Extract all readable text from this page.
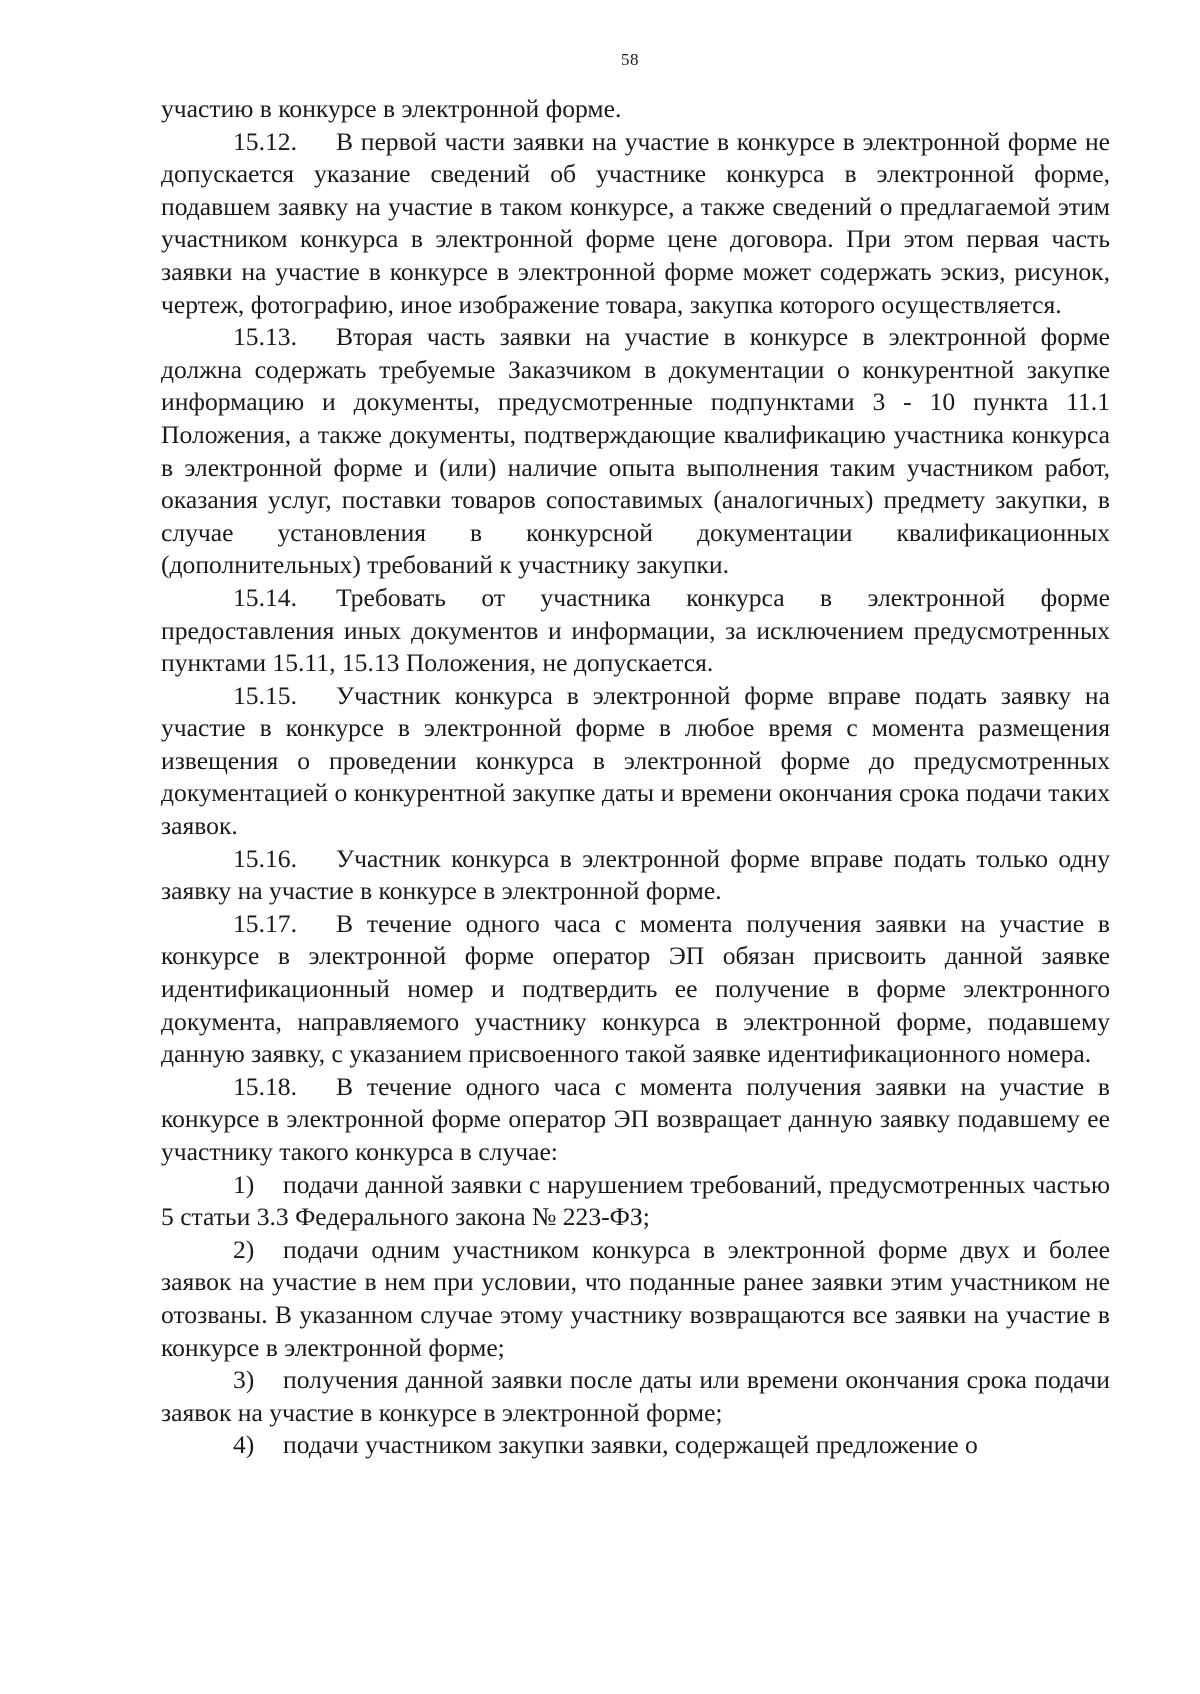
58

участию в конкурсе в электронной форме.

15.12. В первой части заявки на участие в конкурсе в электронной форме не допускается указание сведений об участнике конкурса в электронной форме, подавшем заявку на участие в таком конкурсе, а также сведений о предлагаемой этим участником конкурса в электронной форме цене договора. При этом первая часть заявки на участие в конкурсе в электронной форме может содержать эскиз, рисунок, чертеж, фотографию, иное изображение товара, закупка которого осуществляется.

15.13. Вторая часть заявки на участие в конкурсе в электронной форме должна содержать требуемые Заказчиком в документации о конкурентной закупке информацию и документы, предусмотренные подпунктами 3 - 10 пункта 11.1 Положения, а также документы, подтверждающие квалификацию участника конкурса в электронной форме и (или) наличие опыта выполнения таким участником работ, оказания услуг, поставки товаров сопоставимых (аналогичных) предмету закупки, в случае установления в конкурсной документации квалификационных (дополнительных) требований к участнику закупки.

15.14. Требовать от участника конкурса в электронной форме предоставления иных документов и информации, за исключением предусмотренных пунктами 15.11, 15.13 Положения, не допускается.

15.15. Участник конкурса в электронной форме вправе подать заявку на участие в конкурсе в электронной форме в любое время с момента размещения извещения о проведении конкурса в электронной форме до предусмотренных документацией о конкурентной закупке даты и времени окончания срока подачи таких заявок.

15.16. Участник конкурса в электронной форме вправе подать только одну заявку на участие в конкурсе в электронной форме.

15.17. В течение одного часа с момента получения заявки на участие в конкурсе в электронной форме оператор ЭП обязан присвоить данной заявке идентификационный номер и подтвердить ее получение в форме электронного документа, направляемого участнику конкурса в электронной форме, подавшему данную заявку, с указанием присвоенного такой заявке идентификационного номера.

15.18. В течение одного часа с момента получения заявки на участие в конкурсе в электронной форме оператор ЭП возвращает данную заявку подавшему ее участнику такого конкурса в случае:

1) подачи данной заявки с нарушением требований, предусмотренных частью 5 статьи 3.3 Федерального закона № 223-ФЗ;

2) подачи одним участником конкурса в электронной форме двух и более заявок на участие в нем при условии, что поданные ранее заявки этим участником не отозваны. В указанном случае этому участнику возвращаются все заявки на участие в конкурсе в электронной форме;

3) получения данной заявки после даты или времени окончания срока подачи заявок на участие в конкурсе в электронной форме;

4) подачи участником закупки заявки, содержащей предложение о
